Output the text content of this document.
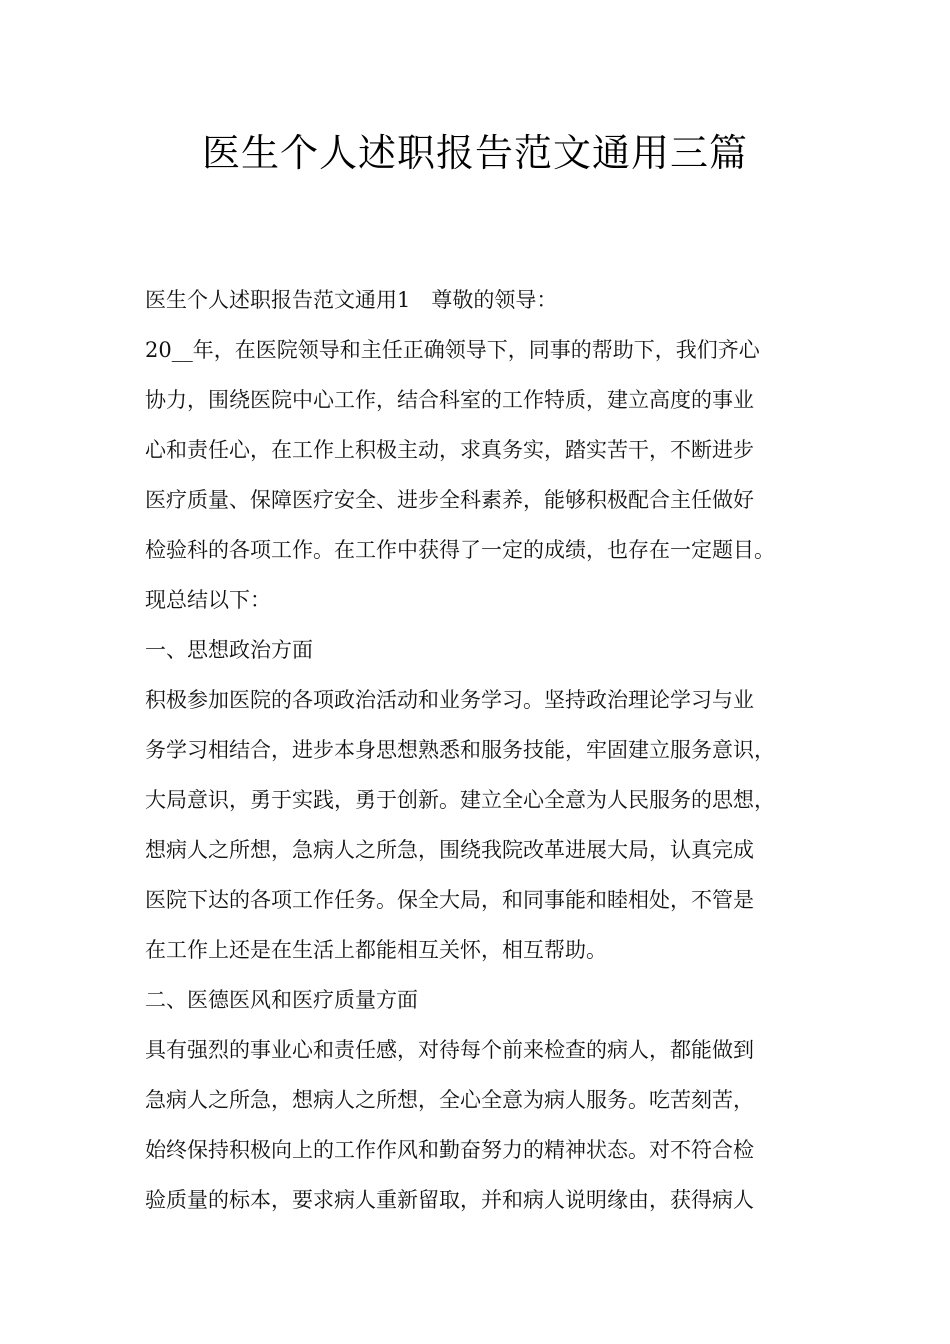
医生个人述职报告范文通用三篇
医生个人述职报告范文通用1　尊敬的领导：
20__年，在医院领导和主任正确领导下，同事的帮助下，我们齐心
协力，围绕医院中心工作，结合科室的工作特质，建立高度的事业
心和责任心，在工作上积极主动，求真务实，踏实苦干，不断进步
医疗质量、保障医疗安全、进步全科素养，能够积极配合主任做好
检验科的各项工作。在工作中获得了一定的成绩，也存在一定题目。
现总结以下：
一、思想政治方面
积极参加医院的各项政治活动和业务学习。坚持政治理论学习与业
务学习相结合，进步本身思想熟悉和服务技能，牢固建立服务意识，
大局意识，勇于实践，勇于创新。建立全心全意为人民服务的思想，
想病人之所想，急病人之所急，围绕我院改革进展大局，认真完成
医院下达的各项工作任务。保全大局，和同事能和睦相处，不管是
在工作上还是在生活上都能相互关怀，相互帮助。
二、医德医风和医疗质量方面
具有强烈的事业心和责任感，对待每个前来检查的病人，都能做到
急病人之所急，想病人之所想，全心全意为病人服务。吃苦刻苦，
始终保持积极向上的工作作风和勤奋努力的精神状态。对不符合检
验质量的标本，要求病人重新留取，并和病人说明缘由，获得病人
